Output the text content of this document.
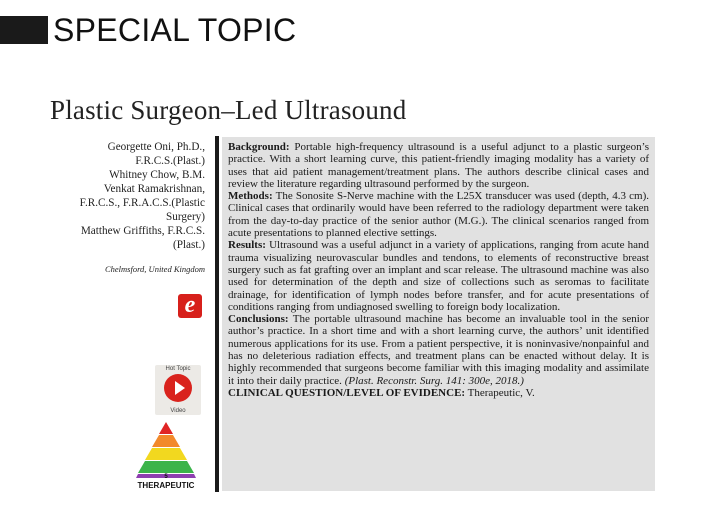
SPECIAL TOPIC
Plastic Surgeon–Led Ultrasound
Georgette Oni, Ph.D.,
F.R.C.S.(Plast.)
Whitney Chow, B.M.
Venkat Ramakrishnan,
F.R.C.S., F.R.A.C.S.(Plastic
Surgery)
Matthew Griffiths, F.R.C.S.
(Plast.)
Chelmsford, United Kingdom
e
Hot Topic
Video
5
THERAPEUTIC

Background: Portable high-frequency ultrasound is a useful adjunct to a plastic surgeon’s practice. With a short learning curve, this patient-friendly imaging modality has a variety of uses that aid patient management/treatment plans. The authors describe clinical cases and review the literature regarding ultrasound performed by the surgeon.

Methods: The Sonosite S-Nerve machine with the L25X transducer was used (depth, 4.3 cm). Clinical cases that ordinarily would have been referred to the radiology department were taken from the day-to-day practice of the senior author (M.G.). The clinical scenarios ranged from acute presentations to planned elective settings.

Results: Ultrasound was a useful adjunct in a variety of applications, ranging from acute hand trauma visualizing neurovascular bundles and tendons, to elements of reconstructive breast surgery such as fat grafting over an implant and scar release. The ultrasound machine was also used for determination of the depth and size of collections such as seromas to facilitate drainage, for identification of lymph nodes before transfer, and for acute presentations of conditions ranging from undiagnosed swelling to foreign body localization.

Conclusions: The portable ultrasound machine has become an invaluable tool in the senior author’s practice. In a short time and with a short learning curve, the authors’ unit identified numerous applications for its use. From a patient perspective, it is noninvasive/nonpainful and has no deleterious radiation effects, and treatment plans can be enacted without delay. It is highly recommended that surgeons become familiar with this imaging modality and assimilate it into their daily practice. (Plast. Reconstr. Surg. 141: 300e, 2018.)

CLINICAL QUESTION/LEVEL OF EVIDENCE: Therapeutic, V.
